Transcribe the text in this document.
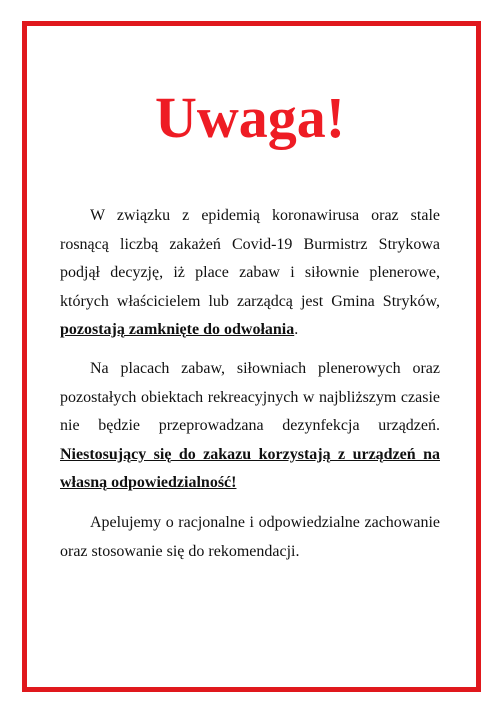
Uwaga!

W związku z epidemią koronawirusa oraz stale rosnącą liczbą zakażeń Covid-19 Burmistrz Strykowa podjął decyzję, iż place zabaw i siłownie plenerowe, których właścicielem lub zarządcą jest Gmina Stryków, pozostają zamknięte do odwołania.

Na placach zabaw, siłowniach plenerowych oraz pozostałych obiektach rekreacyjnych w najbliższym czasie nie będzie przeprowadzana dezynfekcja urządzeń. Niestosujący się do zakazu korzystają z urządzeń na własną odpowiedzialność!

Apelujemy o racjonalne i odpowiedzialne zachowanie oraz stosowanie się do rekomendacji.
